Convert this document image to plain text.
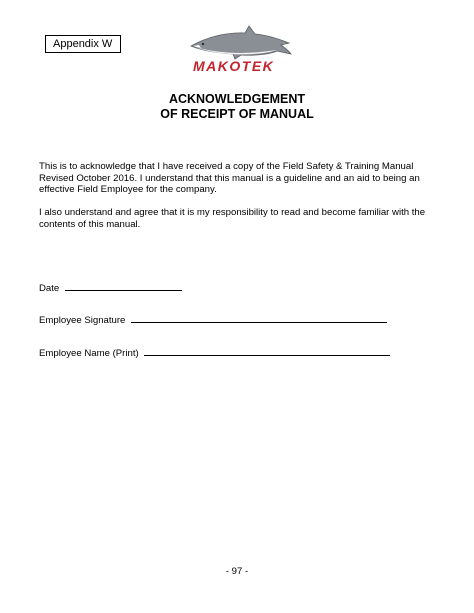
Appendix W
MAKOTEK
ACKNOWLEDGEMENT
OF RECEIPT OF MANUAL
This is to acknowledge that I have received a copy of the Field Safety & Training Manual Revised October 2016. I understand that this manual is a guideline and an aid to being an effective Field Employee for the company.
I also understand and agree that it is my responsibility to read and become familiar with the contents of this manual.
Date
Employee Signature
Employee Name (Print)
- 97 -
